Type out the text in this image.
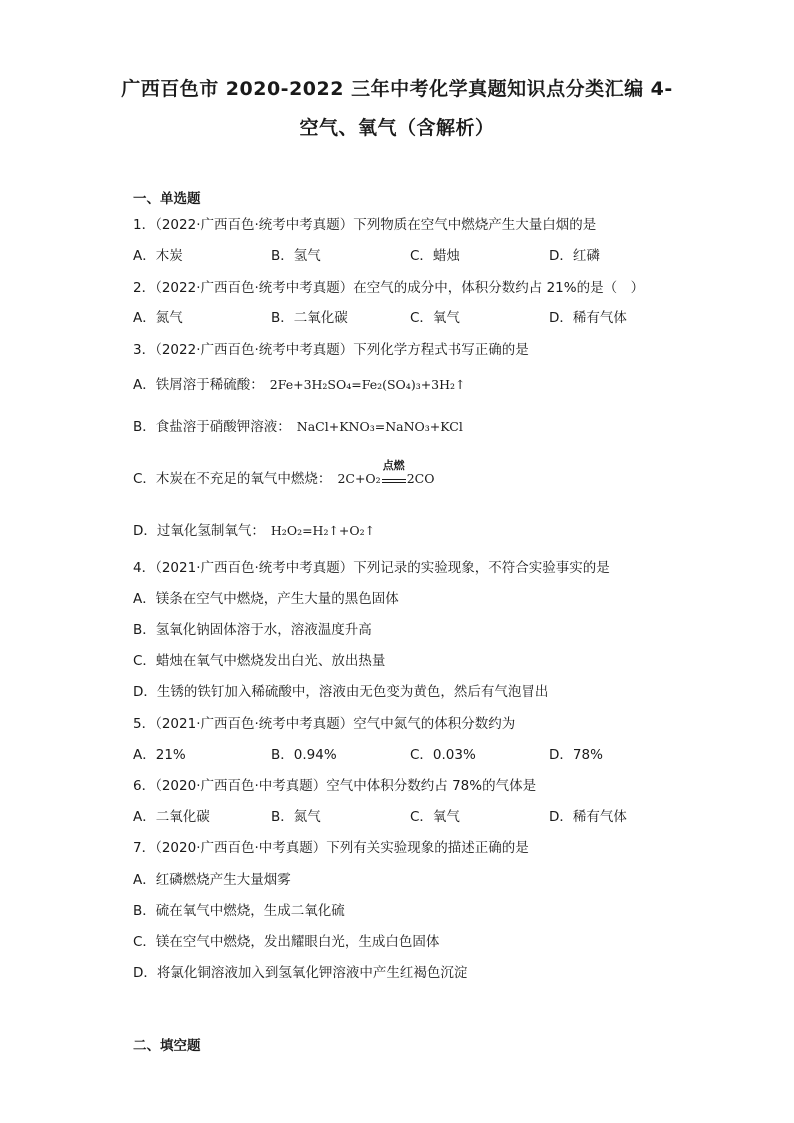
广西百色市 2020-2022 三年中考化学真题知识点分类汇编 4-
空气、氧气（含解析）
一、单选题
1．（2022·广西百色·统考中考真题）下列物质在空气中燃烧产生大量白烟的是
A．木炭	B．氢气	C．蜡烛	D．红磷
2．（2022·广西百色·统考中考真题）在空气的成分中，体积分数约占 21%的是（　）
A．氮气	B．二氧化碳	C．氧气	D．稀有气体
3．（2022·广西百色·统考中考真题）下列化学方程式书写正确的是
A．铁屑溶于稀硫酸： 2Fe+3H₂SO₄=Fe₂(SO₄)₃+3H₂↑
B．食盐溶于硝酸钾溶液： NaCl+KNO₃=NaNO₃+KCl
C．木炭在不充足的氧气中燃烧： 2C+O₂
点燃
2CO
D．过氧化氢制氧气： H₂O₂=H₂↑+O₂↑
4．（2021·广西百色·统考中考真题）下列记录的实验现象，不符合实验事实的是
A．镁条在空气中燃烧，产生大量的黑色固体
B．氢氧化钠固体溶于水，溶液温度升高
C．蜡烛在氧气中燃烧发出白光、放出热量
D．生锈的铁钉加入稀硫酸中，溶液由无色变为黄色，然后有气泡冒出
5．（2021·广西百色·统考中考真题）空气中氮气的体积分数约为
A．21%	B．0.94%	C．0.03%	D．78%
6．（2020·广西百色·中考真题）空气中体积分数约占 78%的气体是
A．二氧化碳	B．氮气	C．氧气	D．稀有气体
7．（2020·广西百色·中考真题）下列有关实验现象的描述正确的是
A．红磷燃烧产生大量烟雾
B．硫在氧气中燃烧，生成二氧化硫
C．镁在空气中燃烧，发出耀眼白光，生成白色固体
D．将氯化铜溶液加入到氢氧化钾溶液中产生红褐色沉淀
二、填空题
